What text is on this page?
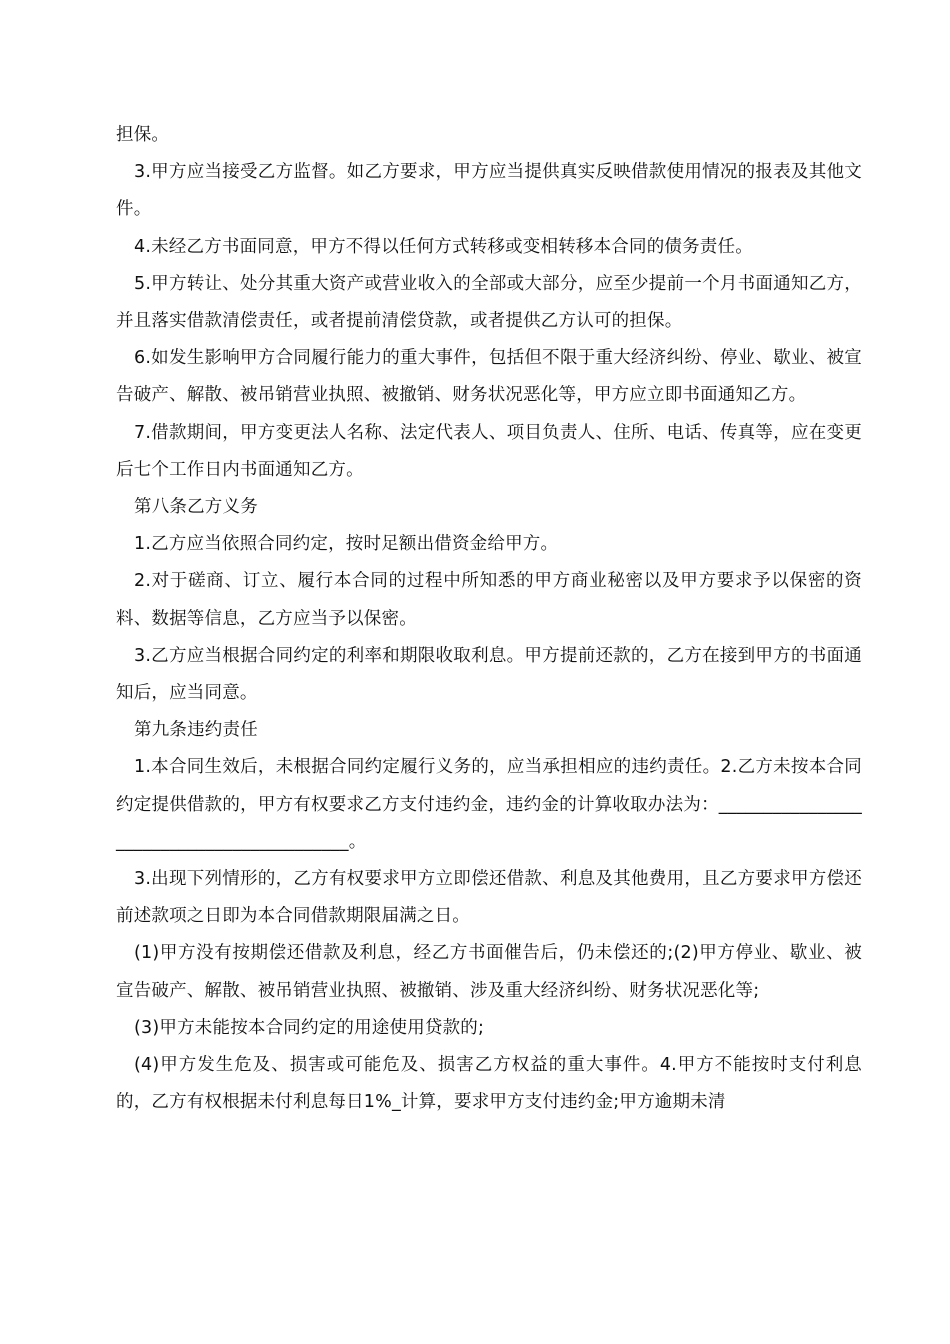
担保。

3.甲方应当接受乙方监督。如乙方要求，甲方应当提供真实反映借款使用情况的报表及其他文件。

4.未经乙方书面同意，甲方不得以任何方式转移或变相转移本合同的债务责任。

5.甲方转让、处分其重大资产或营业收入的全部或大部分，应至少提前一个月书面通知乙方，并且落实借款清偿责任，或者提前清偿贷款，或者提供乙方认可的担保。

6.如发生影响甲方合同履行能力的重大事件，包括但不限于重大经济纠纷、停业、歇业、被宣告破产、解散、被吊销营业执照、被撤销、财务状况恶化等，甲方应立即书面通知乙方。

7.借款期间，甲方变更法人名称、法定代表人、项目负责人、住所、电话、传真等，应在变更后七个工作日内书面通知乙方。

第八条乙方义务

1.乙方应当依照合同约定，按时足额出借资金给甲方。

2.对于磋商、订立、履行本合同的过程中所知悉的甲方商业秘密以及甲方要求予以保密的资料、数据等信息，乙方应当予以保密。

3.乙方应当根据合同约定的利率和期限收取利息。甲方提前还款的，乙方在接到甲方的书面通知后，应当同意。

第九条违约责任

1.本合同生效后，未根据合同约定履行义务的，应当承担相应的违约责任。2.乙方未按本合同约定提供借款的，甲方有权要求乙方支付违约金，违约金的计算收取办法为：__________________________________________。

3.出现下列情形的，乙方有权要求甲方立即偿还借款、利息及其他费用，且乙方要求甲方偿还前述款项之日即为本合同借款期限届满之日。

(1)甲方没有按期偿还借款及利息，经乙方书面催告后，仍未偿还的;(2)甲方停业、歇业、被宣告破产、解散、被吊销营业执照、被撤销、涉及重大经济纠纷、财务状况恶化等;

(3)甲方未能按本合同约定的用途使用贷款的;

(4)甲方发生危及、损害或可能危及、损害乙方权益的重大事件。4.甲方不能按时支付利息的，乙方有权根据未付利息每日1%_计算，要求甲方支付违约金;甲方逾期未清
